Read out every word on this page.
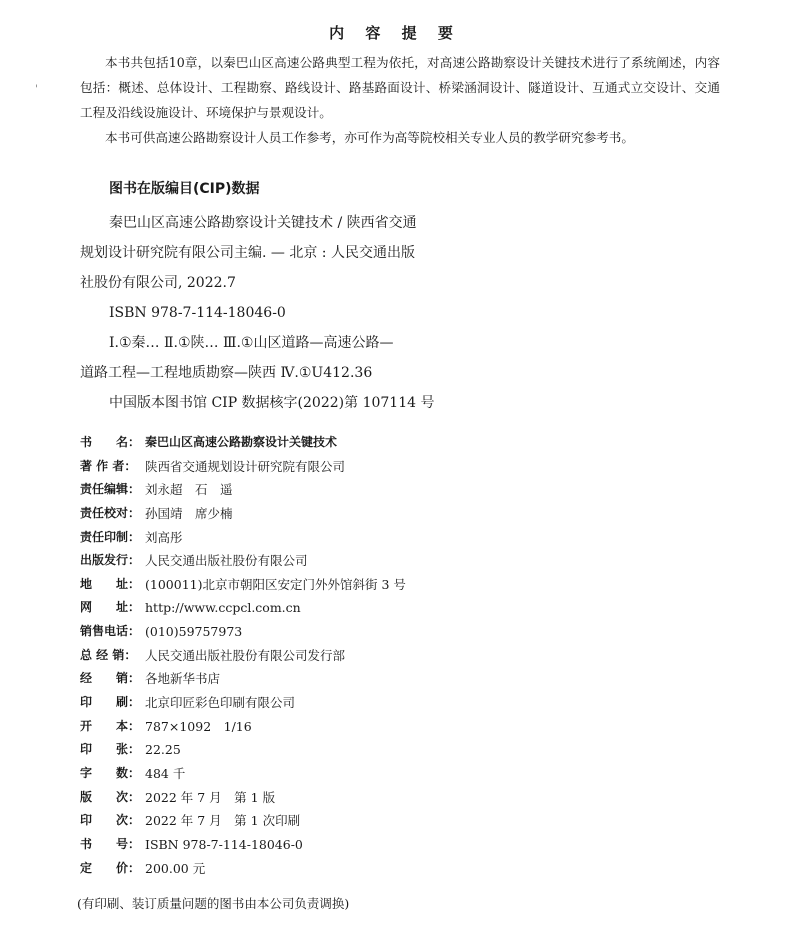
'
内 容 提 要

本书共包括10章，以秦巴山区高速公路典型工程为依托，对高速公路勘察设计关键技术进行了系统阐述，内容包括：概述、总体设计、工程勘察、路线设计、路基路面设计、桥梁涵洞设计、隧道设计、互通式立交设计、交通工程及沿线设施设计、环境保护与景观设计。

本书可供高速公路勘察设计人员工作参考，亦可作为高等院校相关专业人员的教学研究参考书。

图书在版编目(CIP)数据
秦巴山区高速公路勘察设计关键技术 / 陕西省交通
规划设计研究院有限公司主编. — 北京 : 人民交通出版
社股份有限公司, 2022.7
ISBN 978-7-114-18046-0
Ⅰ.①秦… Ⅱ.①陕… Ⅲ.①山区道路—高速公路—
道路工程—工程地质勘察—陕西 Ⅳ.①U412.36
中国版本图书馆 CIP 数据核字(2022)第 107114 号
书　　名： 秦巴山区高速公路勘察设计关键技术
著 作 者： 陕西省交通规划设计研究院有限公司
责任编辑： 刘永超　石　遥
责任校对： 孙国靖　席少楠
责任印制： 刘高彤
出版发行： 人民交通出版社股份有限公司
地　　址： (100011)北京市朝阳区安定门外外馆斜街 3 号
网　　址： http://www.ccpcl.com.cn
销售电话： (010)59757973
总 经 销： 人民交通出版社股份有限公司发行部
经　　销： 各地新华书店
印　　刷： 北京印匠彩色印刷有限公司
开　　本： 787×1092　1/16
印　　张： 22.25
字　　数： 484 千
版　　次： 2022 年 7 月　第 1 版
印　　次： 2022 年 7 月　第 1 次印刷
书　　号： ISBN 978-7-114-18046-0
定　　价： 200.00 元
(有印刷、装订质量问题的图书由本公司负责调换)
